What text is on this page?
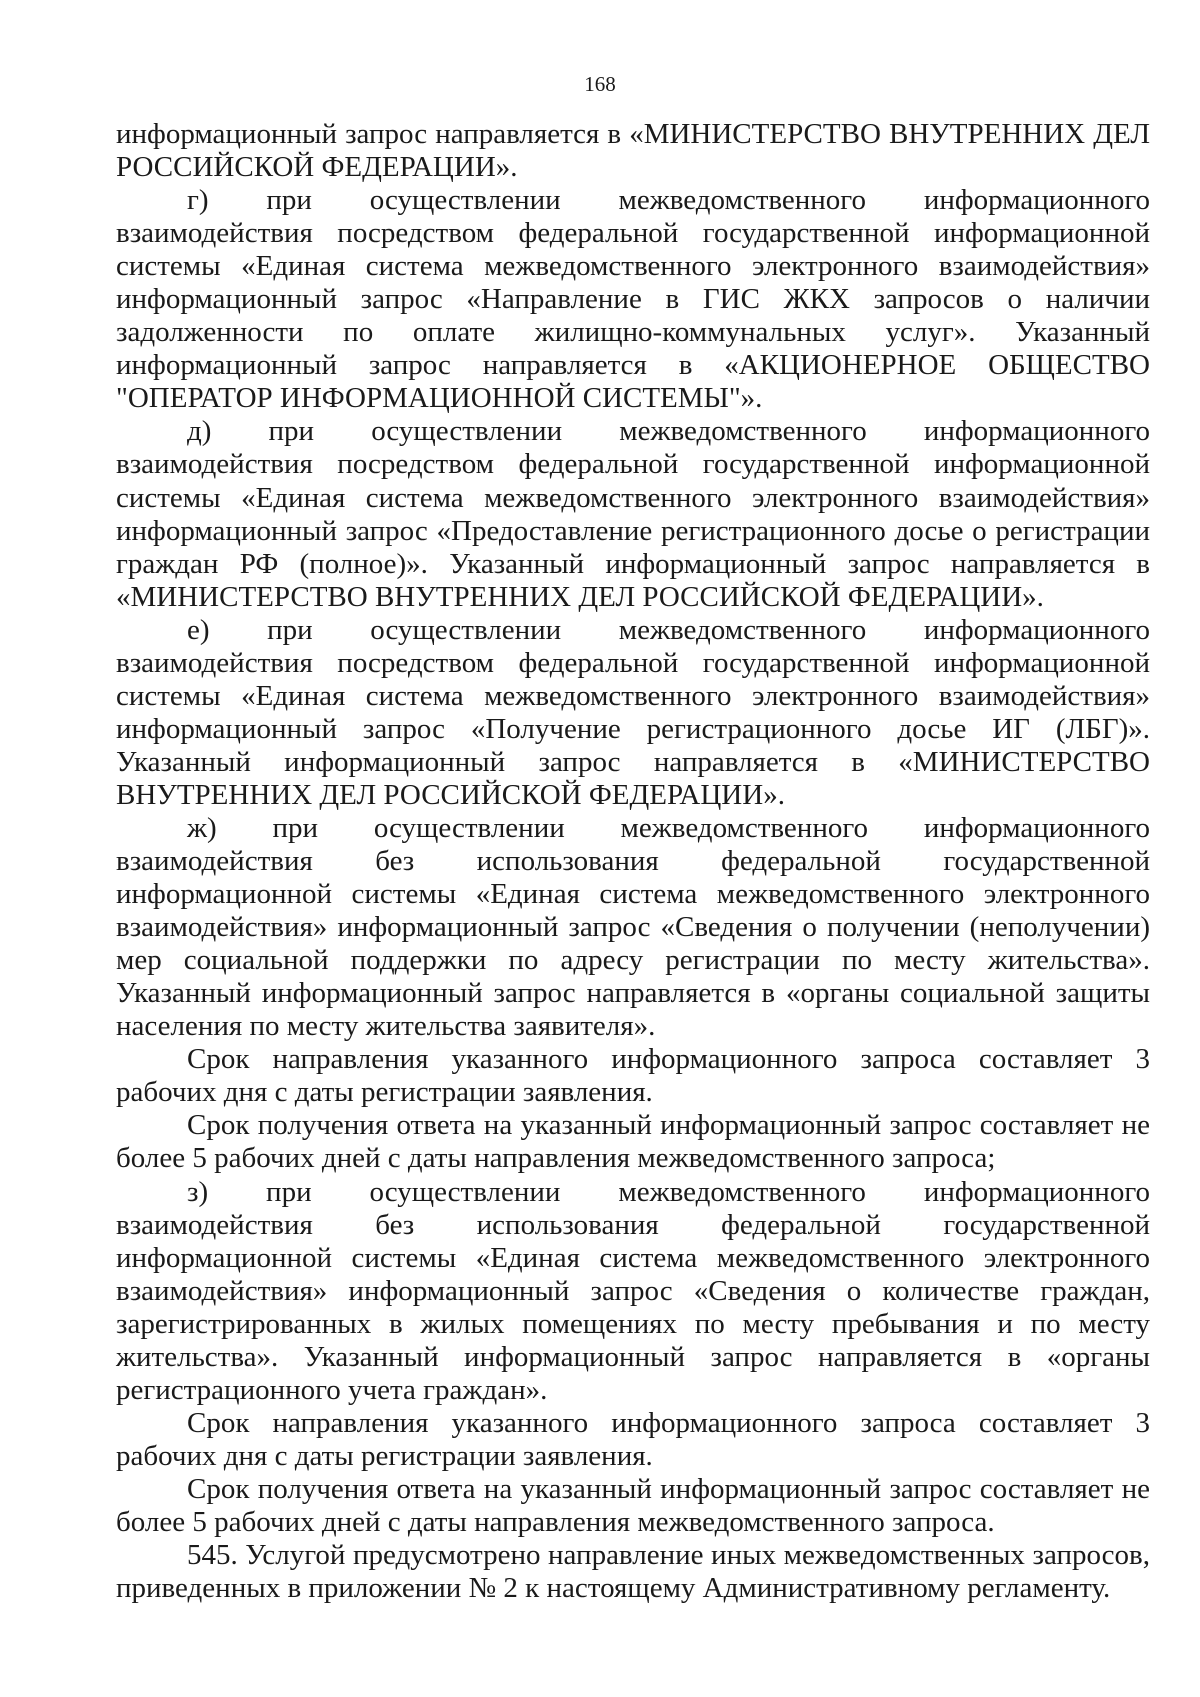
168

информационный запрос направляется в «МИНИСТЕРСТВО ВНУТРЕННИХ ДЕЛ РОССИЙСКОЙ ФЕДЕРАЦИИ».

г) при осуществлении межведомственного информационного взаимодействия посредством федеральной государственной информационной системы «Единая система межведомственного электронного взаимодействия» информационный запрос «Направление в ГИС ЖКХ запросов о наличии задолженности по оплате жилищно-коммунальных услуг». Указанный информационный запрос направляется в «АКЦИОНЕРНОЕ ОБЩЕСТВО "ОПЕРАТОР ИНФОРМАЦИОННОЙ СИСТЕМЫ"».

д) при осуществлении межведомственного информационного взаимодействия посредством федеральной государственной информационной системы «Единая система межведомственного электронного взаимодействия» информационный запрос «Предоставление регистрационного досье о регистрации граждан РФ (полное)». Указанный информационный запрос направляется в «МИНИСТЕРСТВО ВНУТРЕННИХ ДЕЛ РОССИЙСКОЙ ФЕДЕРАЦИИ».

е) при осуществлении межведомственного информационного взаимодействия посредством федеральной государственной информационной системы «Единая система межведомственного электронного взаимодействия» информационный запрос «Получение регистрационного досье ИГ (ЛБГ)». Указанный информационный запрос направляется в «МИНИСТЕРСТВО ВНУТРЕННИХ ДЕЛ РОССИЙСКОЙ ФЕДЕРАЦИИ».

ж) при осуществлении межведомственного информационного взаимодействия без использования федеральной государственной информационной системы «Единая система межведомственного электронного взаимодействия» информационный запрос «Сведения о получении (неполучении) мер социальной поддержки по адресу регистрации по месту жительства». Указанный информационный запрос направляется в «органы социальной защиты населения по месту жительства заявителя».

Срок направления указанного информационного запроса составляет 3 рабочих дня с даты регистрации заявления.

Срок получения ответа на указанный информационный запрос составляет не более 5 рабочих дней с даты направления межведомственного запроса;

з) при осуществлении межведомственного информационного взаимодействия без использования федеральной государственной информационной системы «Единая система межведомственного электронного взаимодействия» информационный запрос «Сведения о количестве граждан, зарегистрированных в жилых помещениях по месту пребывания и по месту жительства». Указанный информационный запрос направляется в «органы регистрационного учета граждан».

Срок направления указанного информационного запроса составляет 3 рабочих дня с даты регистрации заявления.

Срок получения ответа на указанный информационный запрос составляет не более 5 рабочих дней с даты направления межведомственного запроса.

545. Услугой предусмотрено направление иных межведомственных запросов, приведенных в приложении № 2 к настоящему Административному регламенту.
